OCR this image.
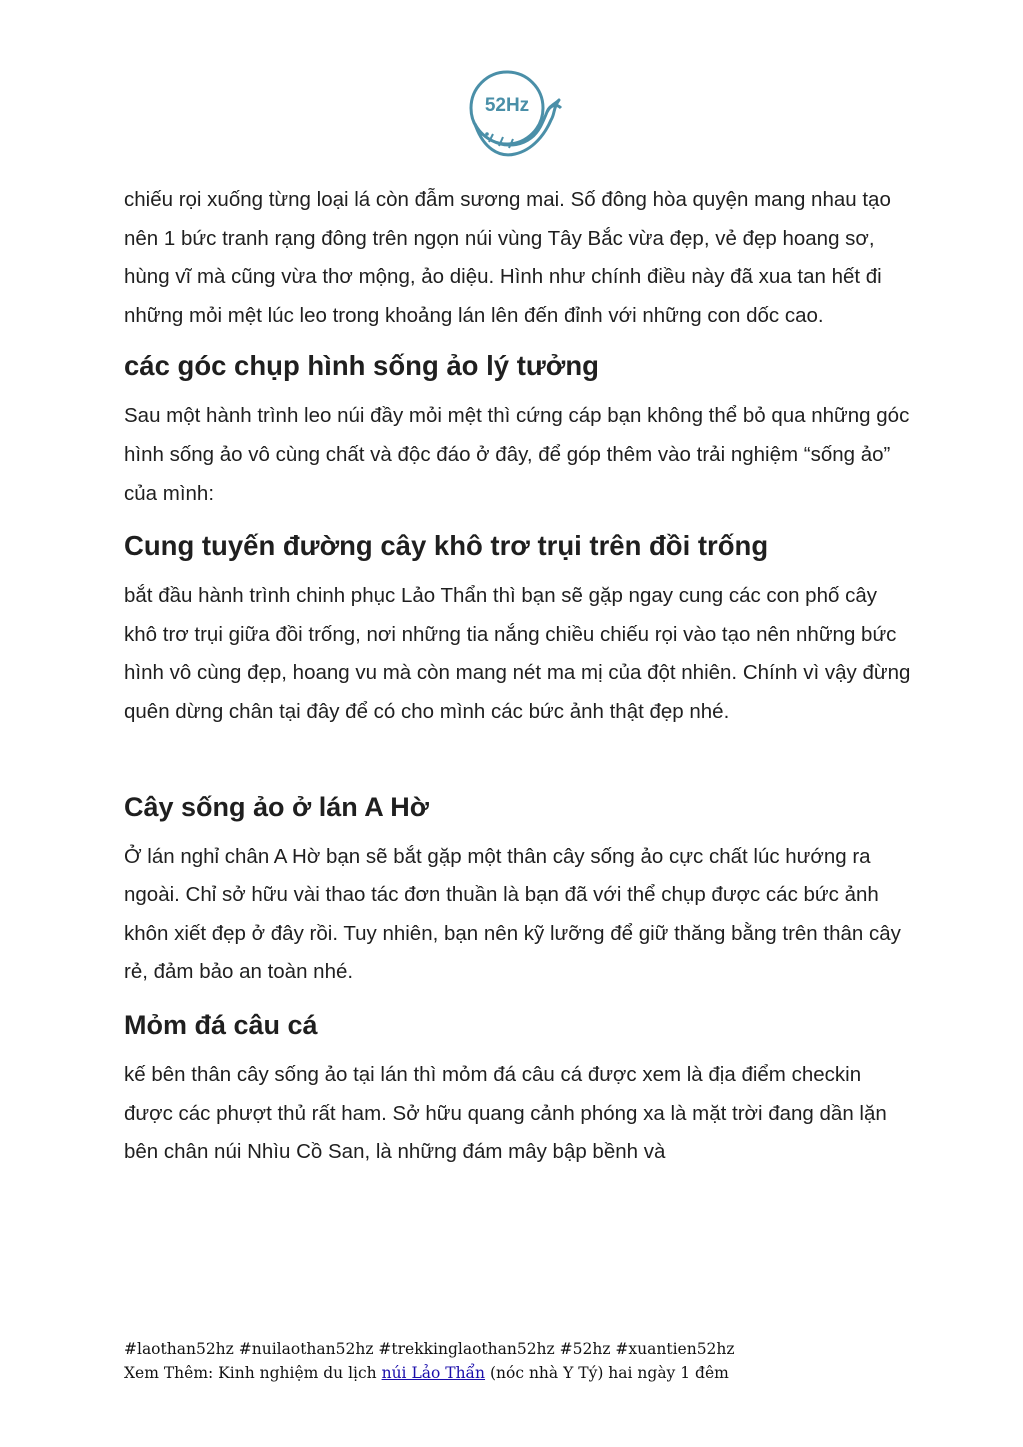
52Hz

chiếu rọi xuống từng loại lá còn đẫm sương mai. Số đông hòa quyện mang nhau tạo nên 1 bức tranh rạng đông trên ngọn núi vùng Tây Bắc vừa đẹp, vẻ đẹp hoang sơ, hùng vĩ mà cũng vừa thơ mộng, ảo diệu. Hình như chính điều này đã xua tan hết đi những mỏi mệt lúc leo trong khoảng lán lên đến đỉnh với những con dốc cao.

các góc chụp hình sống ảo lý tưởng

Sau một hành trình leo núi đầy mỏi mệt thì cứng cáp bạn không thể bỏ qua những góc hình sống ảo vô cùng chất và độc đáo ở đây, để góp thêm vào trải nghiệm “sống ảo” của mình:

Cung tuyến đường cây khô trơ trụi trên đồi trống

bắt đầu hành trình chinh phục Lảo Thẩn thì bạn sẽ gặp ngay cung các con phố cây khô trơ trụi giữa đồi trống, nơi những tia nắng chiều chiếu rọi vào tạo nên những bức hình vô cùng đẹp, hoang vu mà còn mang nét ma mị của đột nhiên. Chính vì vậy đừng quên dừng chân tại đây để có cho mình các bức ảnh thật đẹp nhé.

Cây sống ảo ở lán A Hờ

Ở lán nghỉ chân A Hờ bạn sẽ bắt gặp một thân cây sống ảo cực chất lúc hướng ra ngoài. Chỉ sở hữu vài thao tác đơn thuần là bạn đã với thể chụp được các bức ảnh khôn xiết đẹp ở đây rồi. Tuy nhiên, bạn nên kỹ lưỡng để giữ thăng bằng trên thân cây rẻ, đảm bảo an toàn nhé.

Mỏm đá câu cá

kế bên thân cây sống ảo tại lán thì mỏm đá câu cá được xem là địa điểm checkin được các phượt thủ rất ham. Sở hữu quang cảnh phóng xa là mặt trời đang dần lặn bên chân núi Nhìu Cồ San, là những đám mây bập bềnh và

#laothan52hz #nuilaothan52hz #trekkinglaothan52hz #52hz #xuantien52hz
Xem Thêm: Kinh nghiệm du lịch núi Lảo Thẩn (nóc nhà Y Tý) hai ngày 1 đêm
